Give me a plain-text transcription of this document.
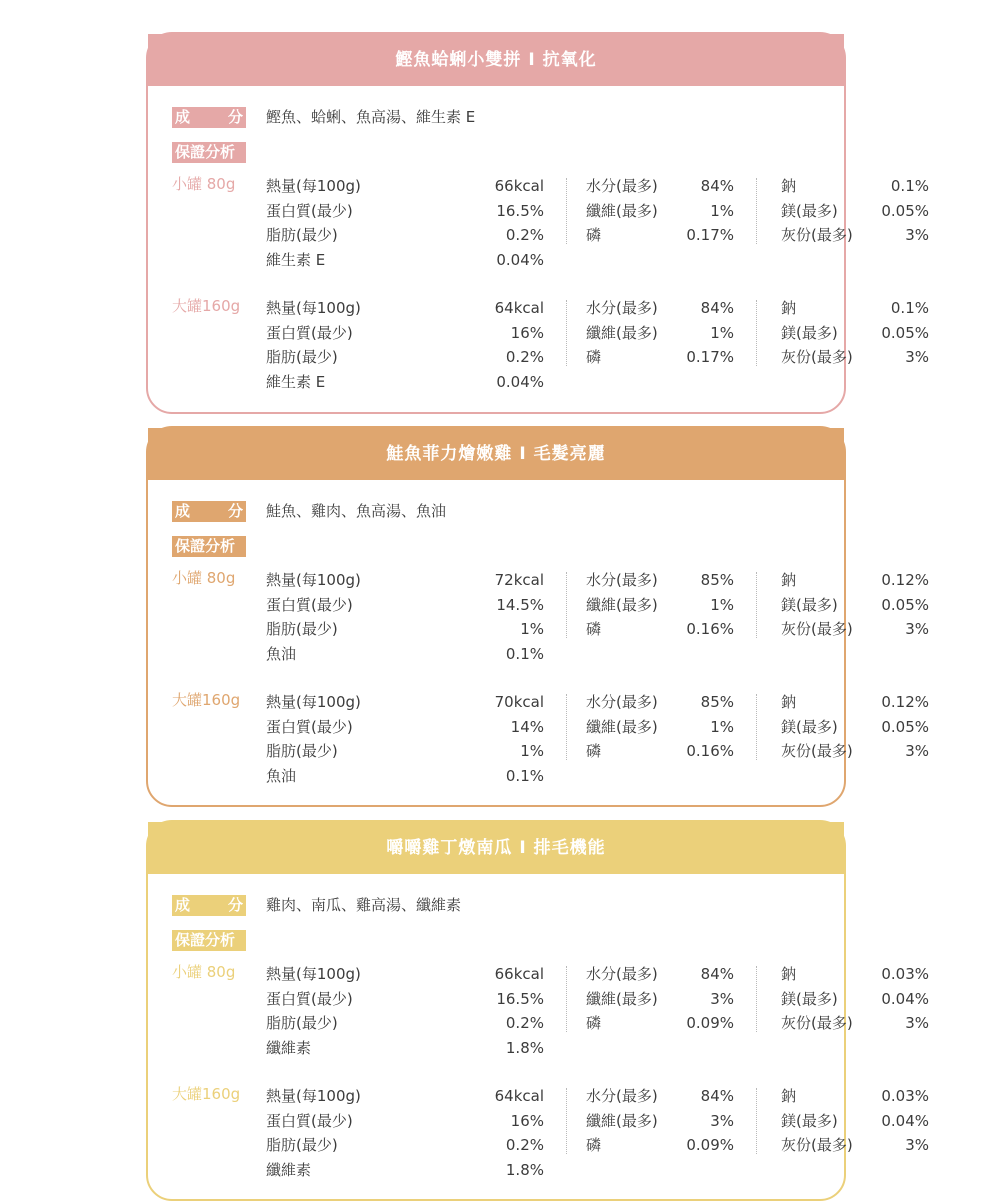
鰹魚蛤蜊小雙拼 I 抗氧化
成	分 鰹魚、蛤蜊、魚高湯、維生素 E
保證分析
小罐 80g 熱量(每100g)	66kcal	水分(最多)	84%	鈉	0.1%
蛋白質(最少)	16.5%	纖維(最多)	1%	鎂(最多)	0.05%
脂肪(最少)	0.2%	磷	0.17%	灰份(最多)	3%
維生素 E	0.04%
大罐160g 熱量(每100g)	64kcal	水分(最多)	84%	鈉	0.1%
蛋白質(最少)	16%	纖維(最多)	1%	鎂(最多)	0.05%
脂肪(最少)	0.2%	磷	0.17%	灰份(最多)	3%
維生素 E	0.04%
鮭魚菲力燴嫩雞 I 毛髮亮麗
成	分 鮭魚、雞肉、魚高湯、魚油
保證分析
小罐 80g 熱量(每100g)	72kcal	水分(最多)	85%	鈉	0.12%
蛋白質(最少)	14.5%	纖維(最多)	1%	鎂(最多)	0.05%
脂肪(最少)	1%	磷	0.16%	灰份(最多)	3%
魚油	0.1%
大罐160g 熱量(每100g)	70kcal	水分(最多)	85%	鈉	0.12%
蛋白質(最少)	14%	纖維(最多)	1%	鎂(最多)	0.05%
脂肪(最少)	1%	磷	0.16%	灰份(最多)	3%
魚油	0.1%
嚼嚼雞丁燉南瓜 I 排毛機能
成	分 雞肉、南瓜、雞高湯、纖維素
保證分析
小罐 80g 熱量(每100g)	66kcal	水分(最多)	84%	鈉	0.03%
蛋白質(最少)	16.5%	纖維(最多)	3%	鎂(最多)	0.04%
脂肪(最少)	0.2%	磷	0.09%	灰份(最多)	3%
纖維素	1.8%
大罐160g 熱量(每100g)	64kcal	水分(最多)	84%	鈉	0.03%
蛋白質(最少)	16%	纖維(最多)	3%	鎂(最多)	0.04%
脂肪(最少)	0.2%	磷	0.09%	灰份(最多)	3%
纖維素	1.8%
